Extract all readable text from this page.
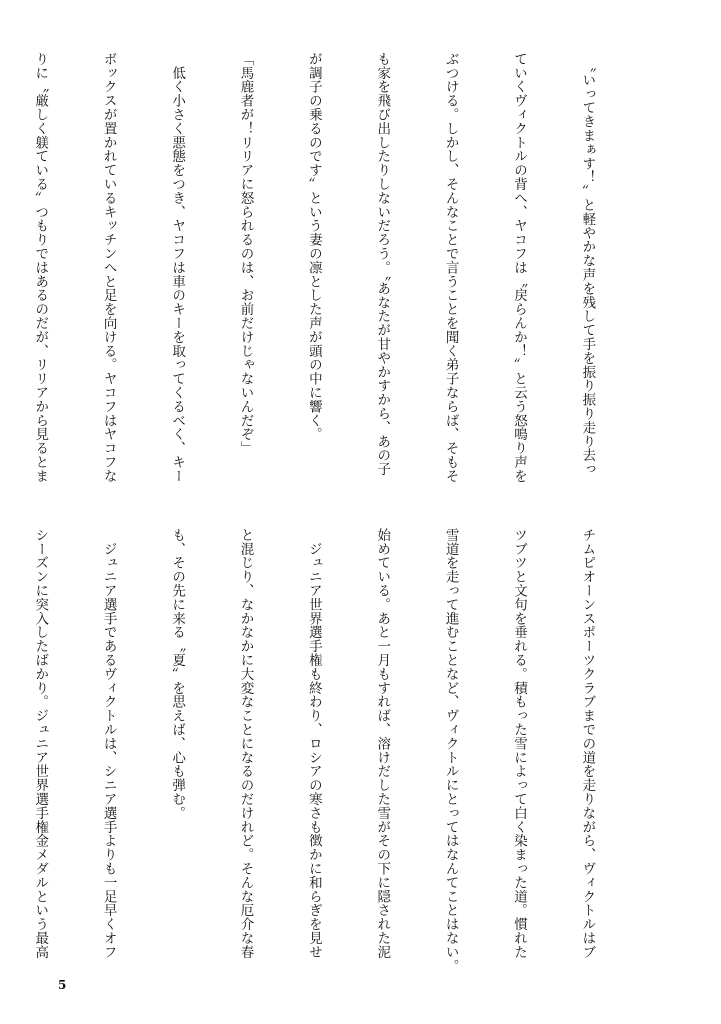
　〝いってきまぁす！〟と軽やかな声を残して手を振り振り走り去っ

ていくヴィクトルの背へ、ヤコフは〝戻らんか！〟と云う怒鳴り声を

ぶつける。しかし、そんなことで言うことを聞く弟子ならば、そもそ

も家を飛び出したりしないだろう。〝あなたが甘やかすから、あの子

が調子の乗るのです〟という妻の凛とした声が頭の中に響く。

「馬鹿者が！リリアに怒られるのは、お前だけじゃないんだぞ」

　低く小さく悪態をつき、ヤコフは車のキーを取ってくるべく、キー

ボックスが置かれているキッチンへと足を向ける。ヤコフはヤコフな

りに〝厳しく躾ている〟つもりではあるのだが、リリアから見るとま

チムピオーンスポーツクラブまでの道を走りながら、ヴィクトルはブ

ツブツと文句を垂れる。積もった雪によって白く染まった道。慣れた

雪道を走って進むことなど、ヴィクトルにとってはなんてことはない。

始めている。あと一月もすれば、溶けだした雪がその下に隠された泥

　ジュニア世界選手権も終わり、ロシアの寒さも徴かに和らぎを見せ

と混じり、なかなかに大変なことになるのだけれど。そんな厄介な春

も、その先に来る〝夏〟を思えば、心も弾む。

　ジュニア選手であるヴィクトルは、シニア選手よりも一足早くオフ

シーズンに突入したばかり。ジュニア世界選手権金メダルという最高

5
